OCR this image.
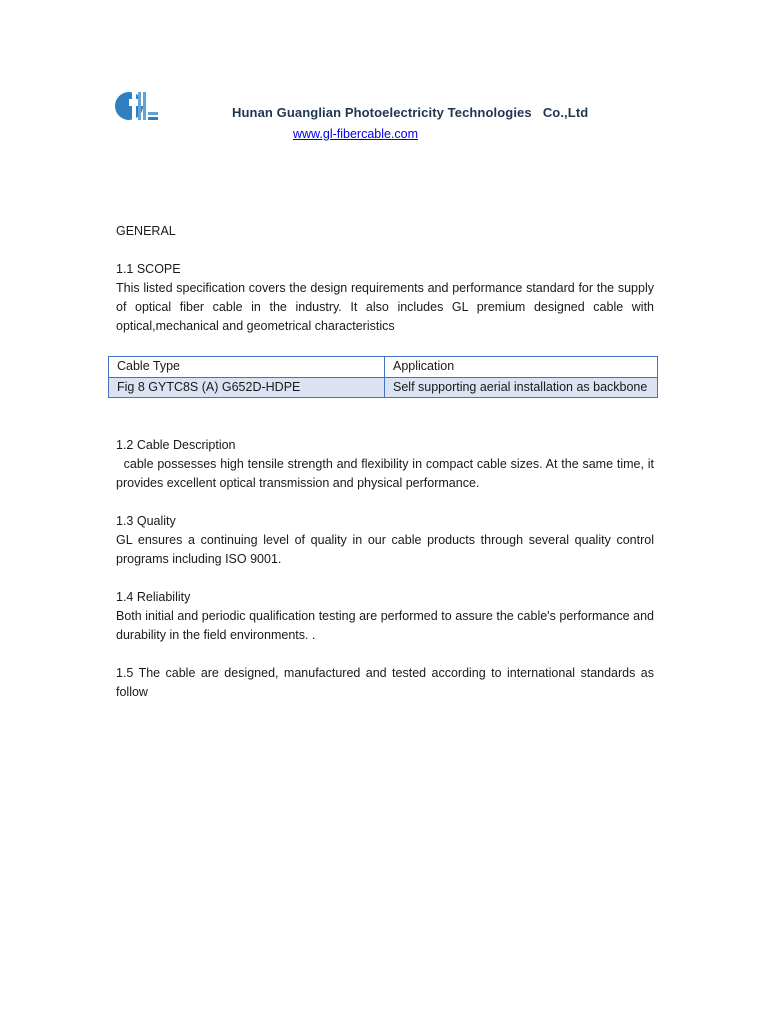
Hunan Guanglian Photoelectricity Technologies   Co.,Ltd
www.gl-fibercable.com

GENERAL

1.1 SCOPE

This listed specification covers the design requirements and performance standard for the supply of optical fiber cable in the industry. It also includes GL premium designed cable with optical,mechanical and geometrical characteristics

Cable Type	Application
Fig 8 GYTC8S (A) G652D-HDPE	Self supporting aerial installation as backbone

1.2 Cable Description

cable possesses high tensile strength and flexibility in compact cable sizes. At the same time, it provides excellent optical transmission and physical performance.

1.3 Quality

GL ensures a continuing level of quality in our cable products through several quality control programs including ISO 9001.

1.4 Reliability

Both initial and periodic qualification testing are performed to assure the cable's performance and durability in the field environments. .

1.5 The cable are designed, manufactured and tested according to international standards as follow
